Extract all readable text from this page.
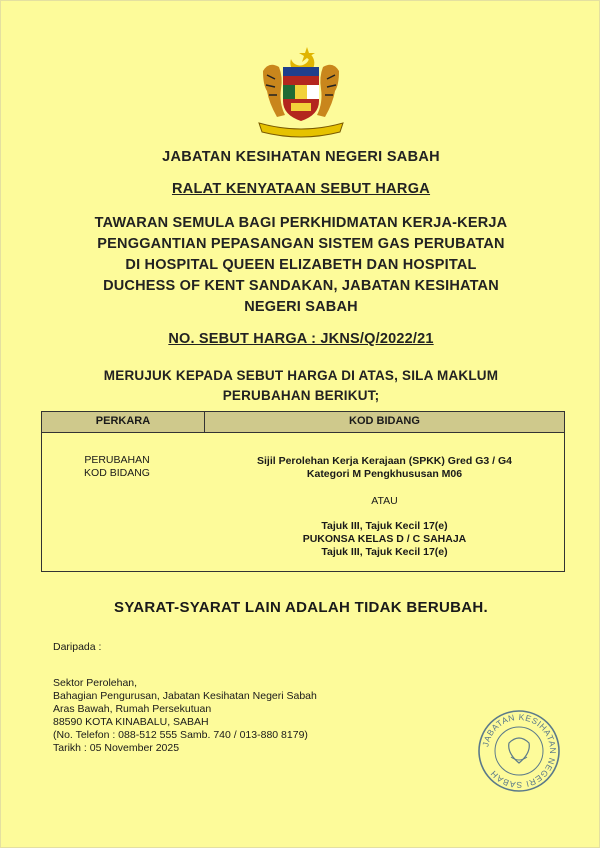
JABATAN KESIHATAN NEGERI SABAH
RALAT KENYATAAN SEBUT HARGA
TAWARAN SEMULA BAGI PERKHIDMATAN KERJA-KERJA
PENGGANTIAN PEPASANGAN SISTEM GAS PERUBATAN
DI HOSPITAL QUEEN ELIZABETH DAN HOSPITAL
DUCHESS OF KENT SANDAKAN, JABATAN KESIHATAN
NEGERI SABAH
NO. SEBUT HARGA : JKNS/Q/2022/21
MERUJUK KEPADA SEBUT HARGA DI ATAS, SILA MAKLUM
PERUBAHAN BERIKUT;
PERKARA	KOD BIDANG
PERUBAHAN
KOD BIDANG
Sijil Perolehan Kerja Kerajaan (SPKK) Gred G3 / G4
Kategori M Pengkhususan M06
ATAU
Tajuk III, Tajuk Kecil 17(e)
PUKONSA KELAS D / C SAHAJA
Tajuk III, Tajuk Kecil 17(e)
SYARAT-SYARAT LAIN ADALAH TIDAK BERUBAH.
Daripada :
Sektor Perolehan,
Bahagian Pengurusan, Jabatan Kesihatan Negeri Sabah
Aras Bawah, Rumah Persekutuan
88590 KOTA KINABALU, SABAH
(No. Telefon : 088-512 555 Samb. 740 / 013-880 8179)
Tarikh : 05 November 2025	JABATAN KESIHATAN NEGERI SABAH
